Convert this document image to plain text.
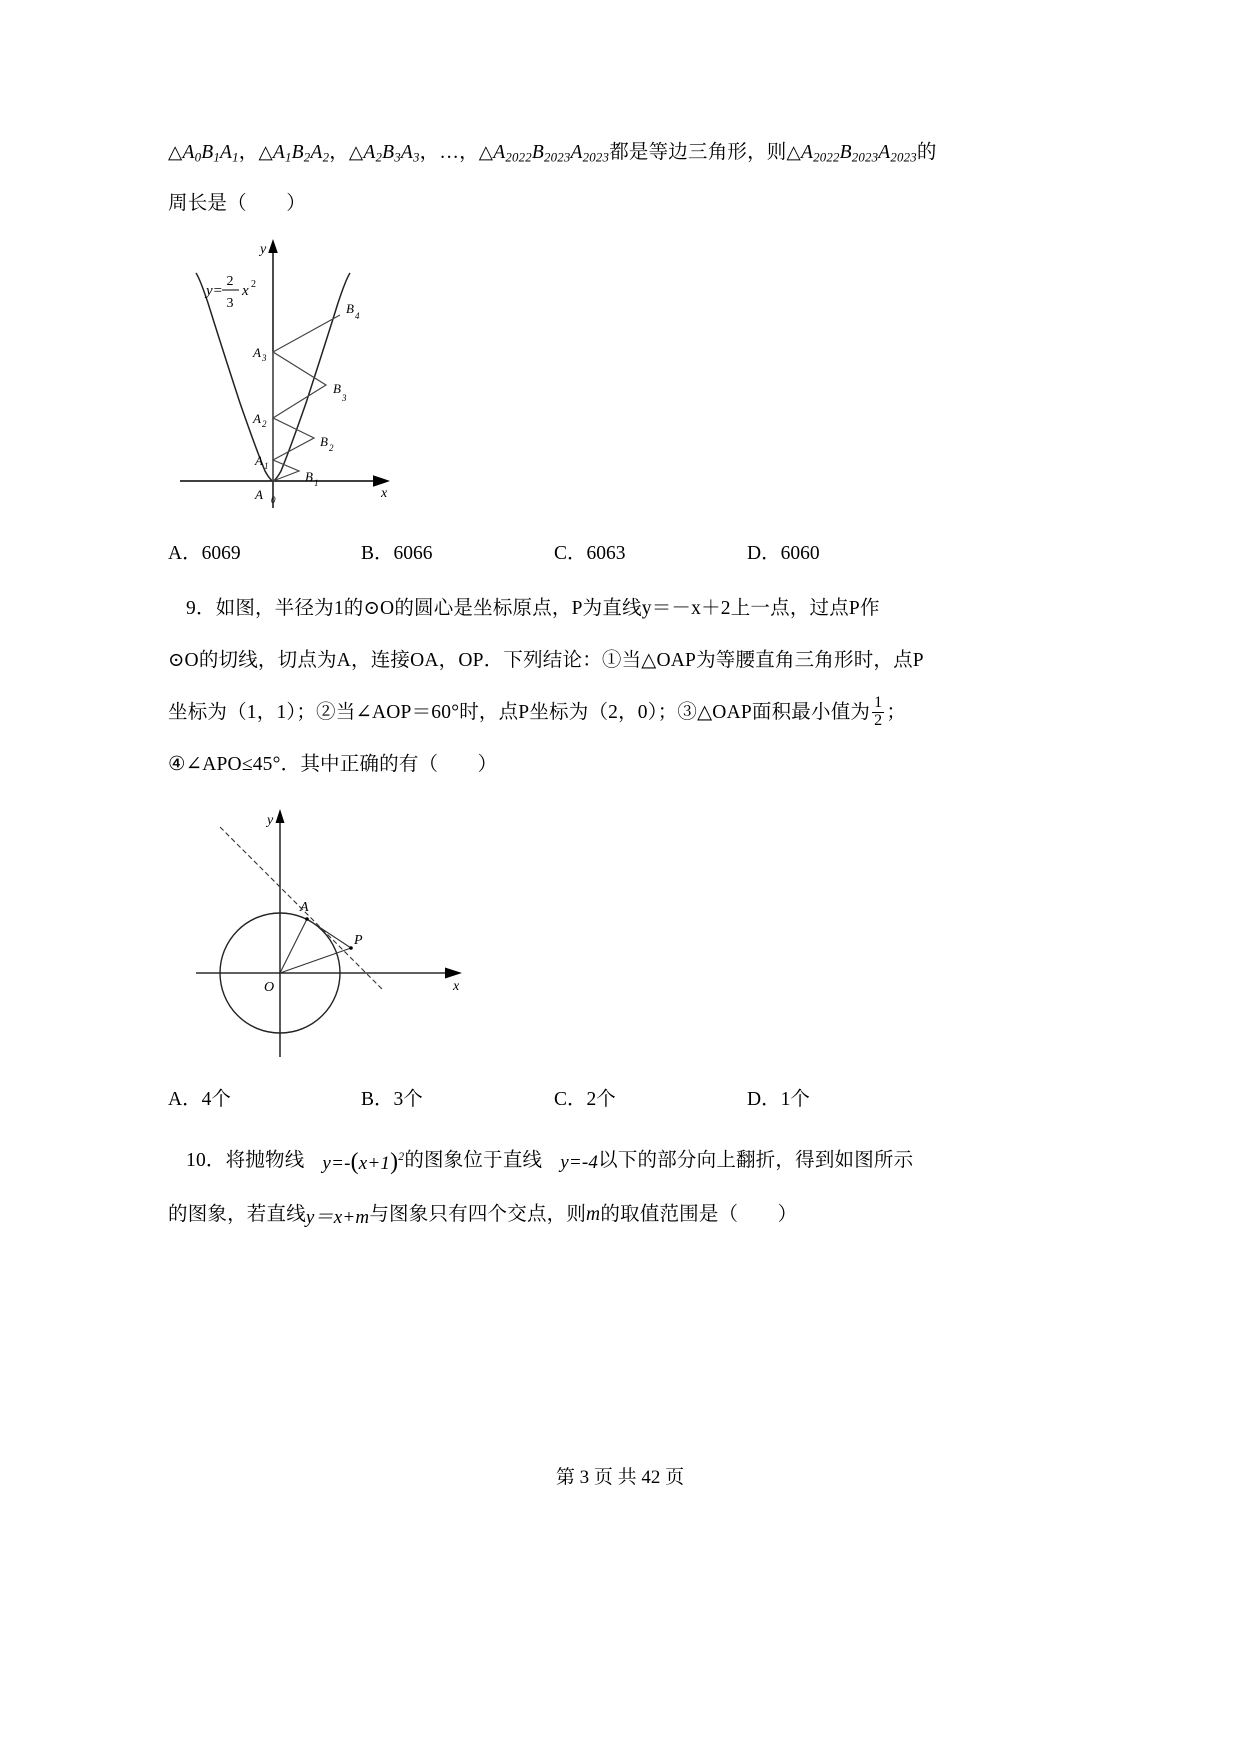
$\triangle A_0B_1A_1$，$\triangle A_1B_2A_2$，$\triangle A_2B_3A_3$，…，$\triangle A_{2022}B_{2023}A_{2023}$都是等边三角形，则$\triangle A_{2022}B_{2023}A_{2023}$的
周长是（　　）
y=
2
3
x 2
y
x
A 0
A 1
A 2
A 3
B 1
B 2
B
3
B 4
A．6069	B．6066	C．6063	D．6060
9．如图，半径为1的⊙O的圆心是坐标原点，P为直线y＝－x＋2上一点，过点P作
⊙O的切线，切点为A，连接OA，OP．下列结论：①当△OAP为等腰直角三角形时，点P
坐标为（1，1）；②当∠AOP＝60°时，点P坐标为（2，0）；③△OAP面积最小值为 $\frac{1}{2}$ ；
④∠APO≤45°．其中正确的有（　　）
A
P
O
y
x
A．4个	B．3个	C．2个	D．1个
10．将抛物线 $y=-(x+1)^2$的图象位于直线 y=-4以下的部分向上翻折，得到如图所示
的图象，若直线y＝x+m与图象只有四个交点，则m的取值范围是（　　）
第 3 页 共 42 页
